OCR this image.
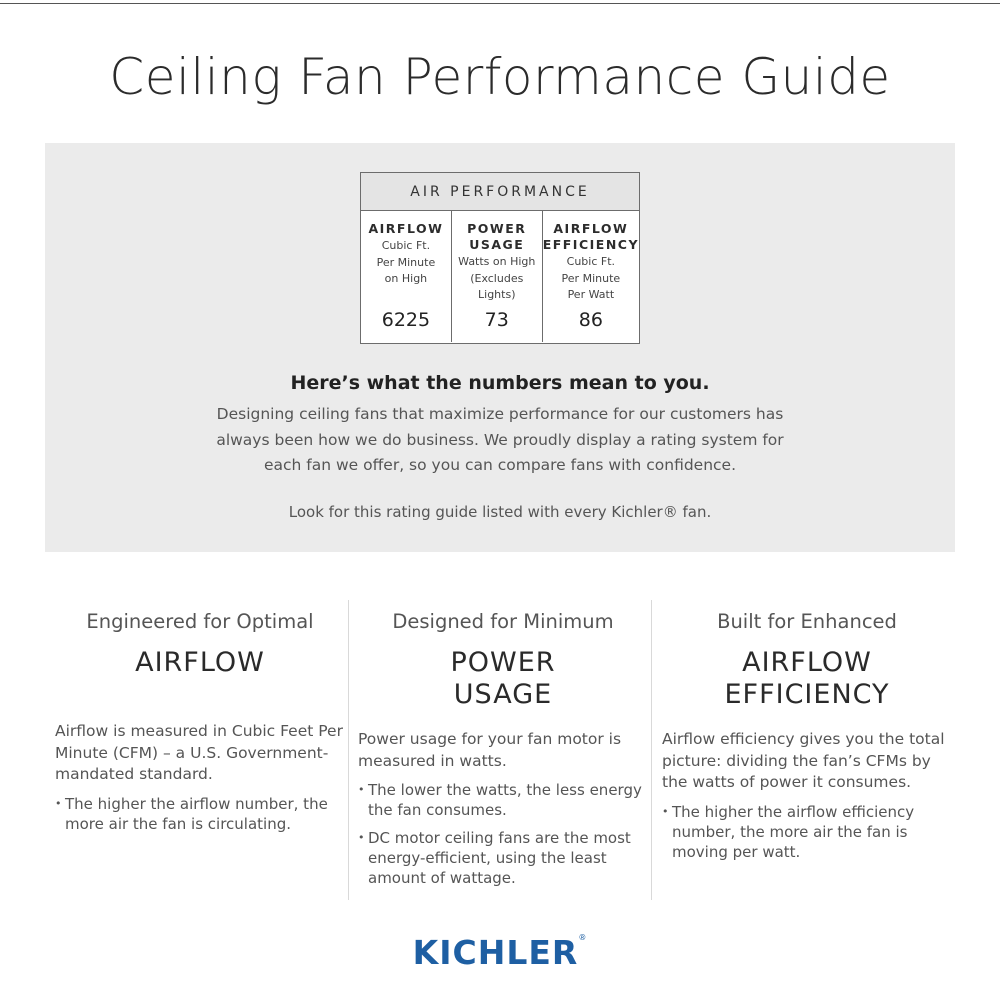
Ceiling Fan Performance Guide
AIR PERFORMANCE
AIRFLOW
Cubic Ft.
Per Minute
on High
6225
POWER
USAGE
Watts on High
(Excludes
Lights)
73
AIRFLOW
EFFICIENCY
Cubic Ft.
Per Minute
Per Watt
86
Here’s what the numbers mean to you.

Designing ceiling fans that maximize performance for our customers has always been how we do business. We proudly display a rating system for each fan we offer, so you can compare fans with confidence.

Look for this rating guide listed with every Kichler® fan.

Engineered for Optimal
AIRFLOW

Airflow is measured in Cubic Feet Per Minute (CFM) – a U.S. Government-mandated standard.

• The higher the airflow number, the more air the fan is circulating.
Designed for Minimum
POWER USAGE

Power usage for your fan motor is measured in watts.

• The lower the watts, the less energy the fan consumes.
• DC motor ceiling fans are the most energy-efficient, using the least amount of wattage.
Built for Enhanced
AIRFLOW EFFICIENCY

Airflow efficiency gives you the total picture: dividing the fan’s CFMs by the watts of power it consumes.

• The higher the airflow efficiency number, the more air the fan is moving per watt.
KICHLER®
